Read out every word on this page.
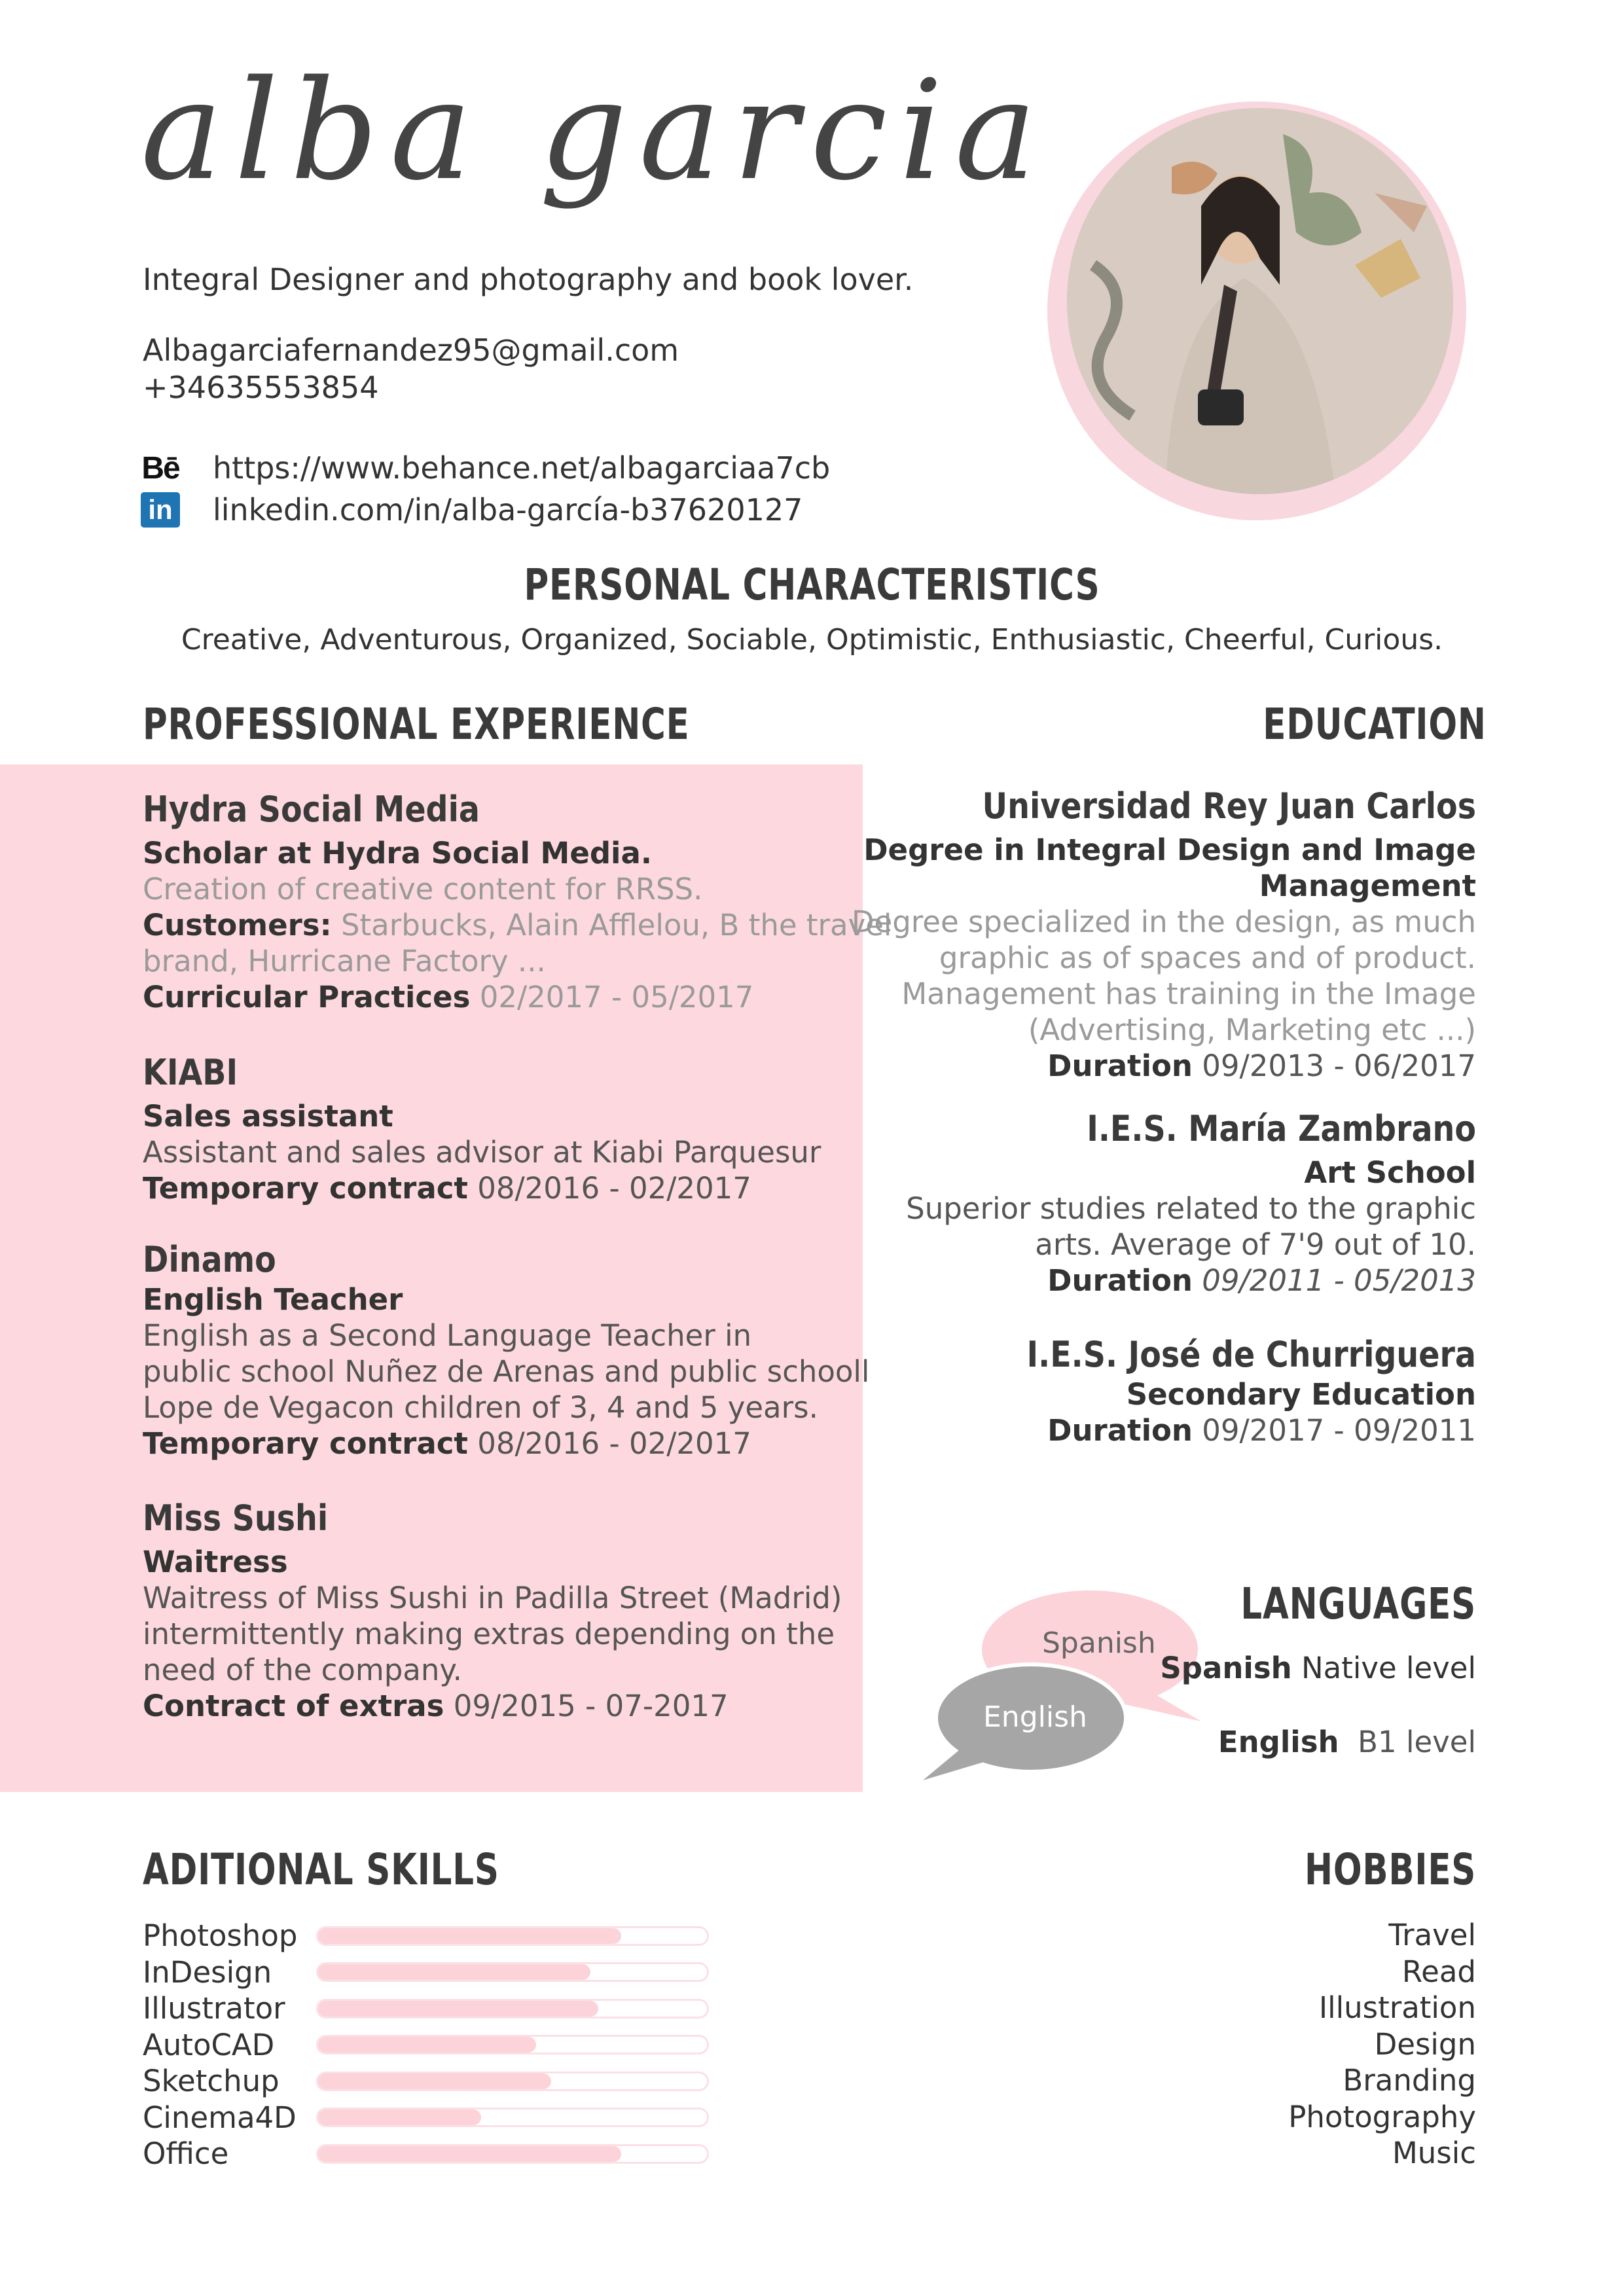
alba garcia
Integral Designer and photography and book lover.
Albagarciafernandez95@gmail.com
+34635553854
Bē https://www.behance.net/albagarciaa7cb
in linkedin.com/in/alba-garcía-b37620127
PERSONAL CHARACTERISTICS
Creative, Adventurous, Organized, Sociable, Optimistic, Enthusiastic, Cheerful, Curious.
PROFESSIONAL EXPERIENCE	EDUCATION
Hydra Social Media
Scholar at Hydra Social Media.
Creation of creative content for RRSS.
Customers: Starbucks, Alain Afflelou, B the travel
brand, Hurricane Factory ...
Curricular Practices 02/2017 - 05/2017
KIABI
Sales assistant
Assistant and sales advisor at Kiabi Parquesur
Temporary contract 08/2016 - 02/2017
Dinamo
English Teacher
English as a Second Language Teacher in
public school Nuñez de Arenas and public schooll
Lope de Vegacon children of 3, 4 and 5 years.
Temporary contract 08/2016 - 02/2017
Miss Sushi
Waitress
Waitress of Miss Sushi in Padilla Street (Madrid)
intermittently making extras depending on the
need of the company.
Contract of extras 09/2015 - 07-2017
Universidad Rey Juan Carlos
Degree in Integral Design and Image
Management
Degree specialized in the design, as much
graphic as of spaces and of product.
Management has training in the Image
(Advertising, Marketing etc ...)
Duration 09/2013 - 06/2017
I.E.S. María Zambrano
Art School
Superior studies related to the graphic
arts. Average of 7'9 out of 10.
Duration 09/2011 - 05/2013
I.E.S. José de Churriguera
Secondary Education
Duration 09/2017 - 09/2011
LANGUAGES
Spanish
English
Spanish Native level
English B1 level
ADITIONAL SKILLS
Photoshop
InDesign
Illustrator
AutoCAD
Sketchup
Cinema4D
Office
HOBBIES
Travel
Read
Illustration
Design
Branding
Photography
Music
